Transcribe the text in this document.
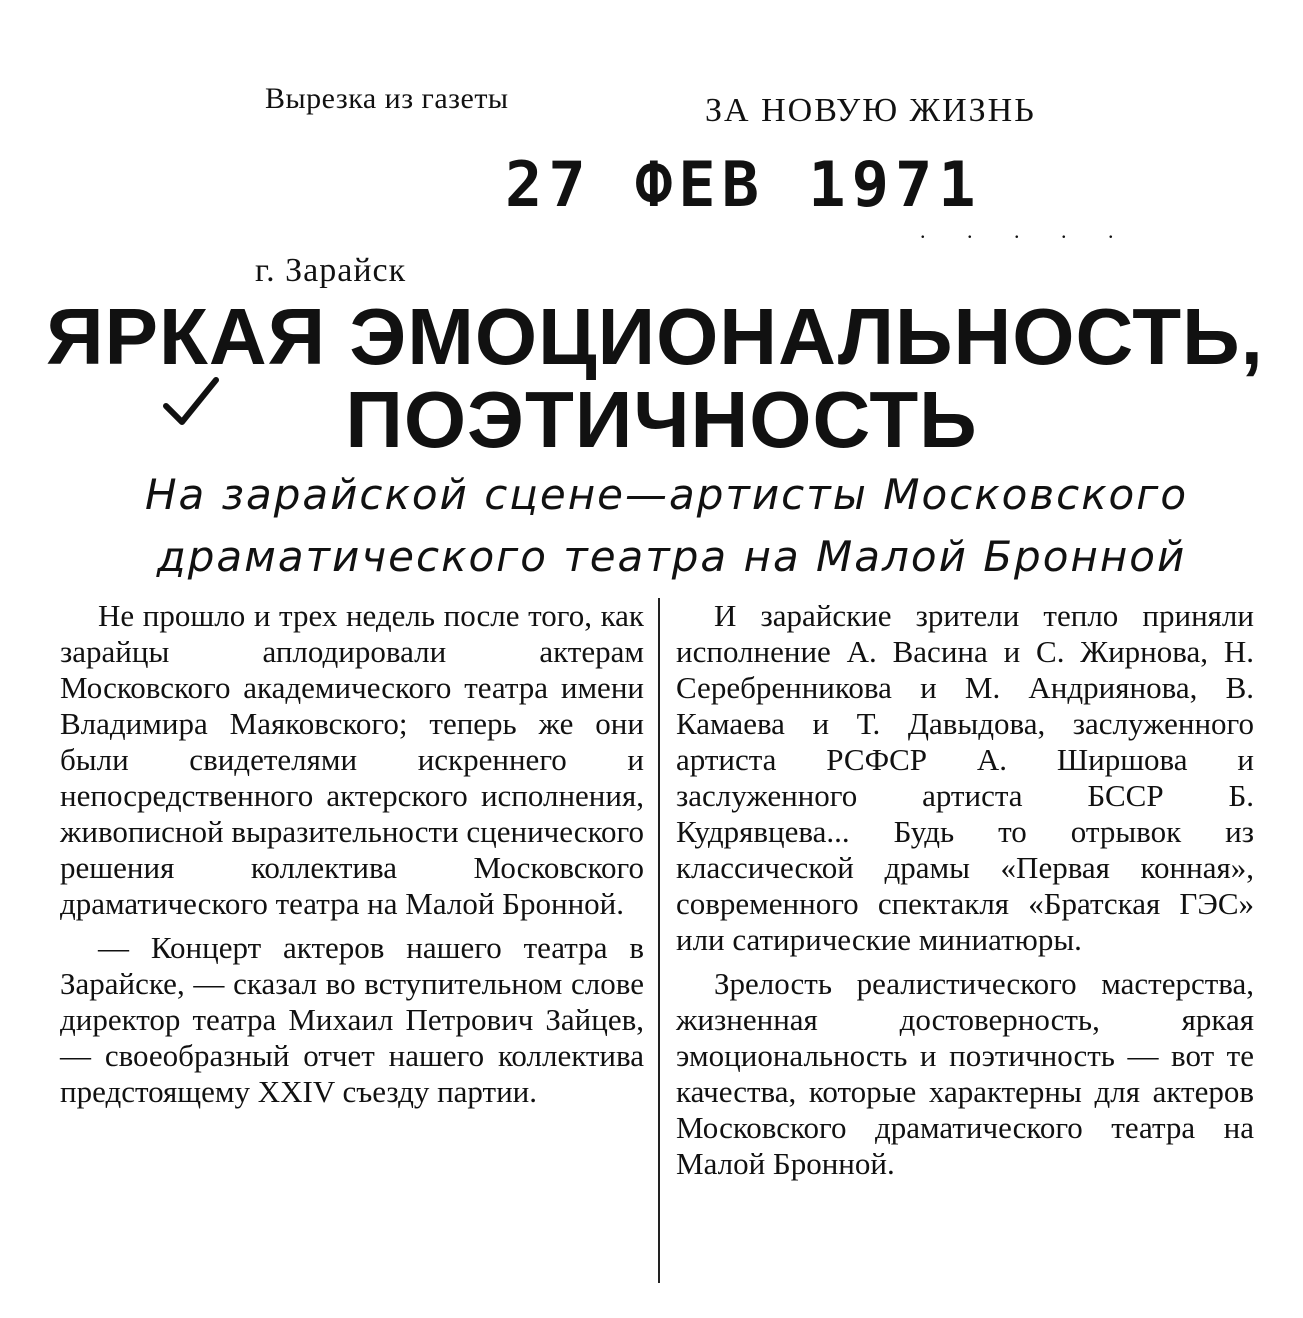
Вырезка из газеты	ЗА НОВУЮ ЖИЗНЬ
27 ФЕВ 1971
. . . . .
г. Зарайск
ЯРКАЯ ЭМОЦИОНАЛЬНОСТЬ,
ПОЭТИЧНОСТЬ
На зарайской сцене—артисты Московского
драматического театра на Малой Бронной

Не прошло и трех недель после того, как зарайцы аплодировали актерам Московского академического театра имени Владимира Маяковского; теперь же они были свидетелями искреннего и непосредственного актерского исполнения, живописной выразительности сценического решения коллектива Московского драматического театра на Малой Бронной.

— Концерт актеров нашего театра в Зарайске, — сказал во вступительном слове директор театра Михаил Петрович Зайцев,— своеобразный отчет нашего коллектива предстоящему XXIV съезду партии.

И зарайские зрители тепло приняли исполнение А. Васина и С. Жирнова, Н. Серебренникова и М. Андриянова, В. Камаева и Т. Давыдова, заслуженного артиста РСФСР А. Ширшова и заслуженного артиста БССР Б. Кудрявцева... Будь то отрывок из классической драмы «Первая конная», современного спектакля «Братская ГЭС» или сатирические миниатюры.

Зрелость реалистического мастерства, жизненная достоверность, яркая эмоциональность и поэтичность — вот те качества, которые характерны для актеров Московского драматического театра на Малой Бронной.
